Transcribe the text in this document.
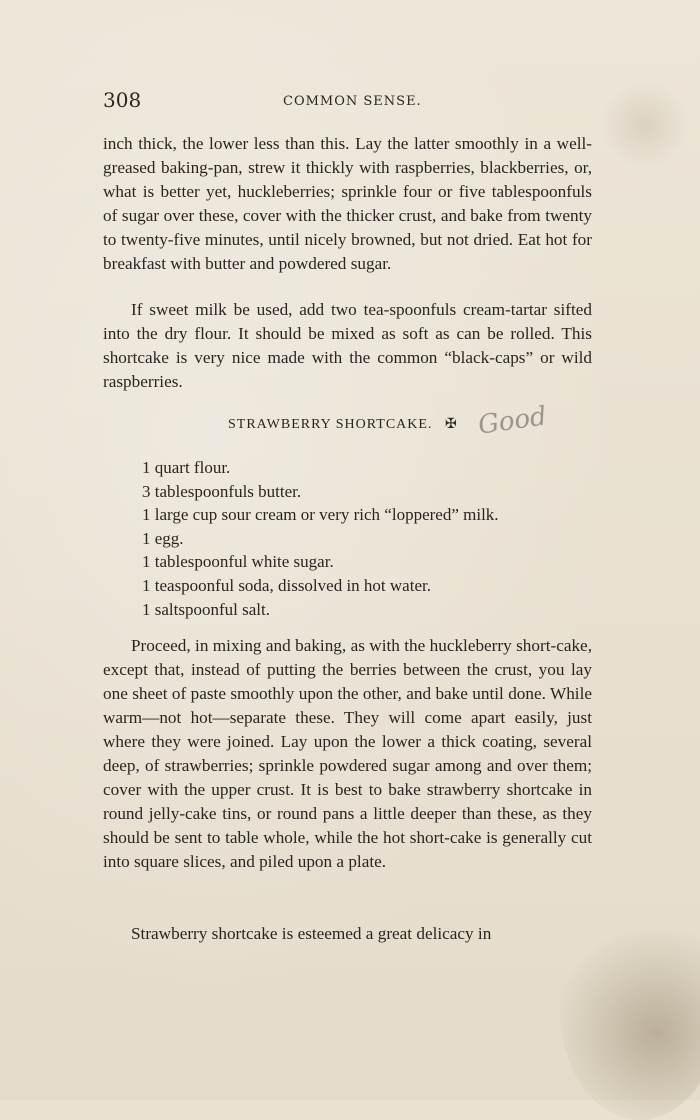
308	COMMON SENSE.
inch thick, the lower less than this. Lay the latter smoothly in a well-greased baking-pan, strew it thickly with raspberries, blackberries, or, what is better yet, huckleberries; sprinkle four or five tablespoonfuls of sugar over these, cover with the thicker crust, and bake from twenty to twenty-five minutes, until nicely browned, but not dried. Eat hot for breakfast with butter and powdered sugar.
If sweet milk be used, add two tea-spoonfuls cream-tartar sifted into the dry flour. It should be mixed as soft as can be rolled. This shortcake is very nice made with the common “black-caps” or wild raspberries.
STRAWBERRY SHORTCAKE. ✠ Good
1 quart flour.
3 tablespoonfuls butter.
1 large cup sour cream or very rich “loppered” milk.
1 egg.
1 tablespoonful white sugar.
1 teaspoonful soda, dissolved in hot water.
1 saltspoonful salt.
Proceed, in mixing and baking, as with the huckleberry short-cake, except that, instead of putting the berries between the crust, you lay one sheet of paste smoothly upon the other, and bake until done. While warm—not hot—separate these. They will come apart easily, just where they were joined. Lay upon the lower a thick coating, several deep, of strawberries; sprinkle powdered sugar among and over them; cover with the upper crust. It is best to bake strawberry shortcake in round jelly-cake tins, or round pans a little deeper than these, as they should be sent to table whole, while the hot short-cake is generally cut into square slices, and piled upon a plate.
Strawberry shortcake is esteemed a great delicacy in
